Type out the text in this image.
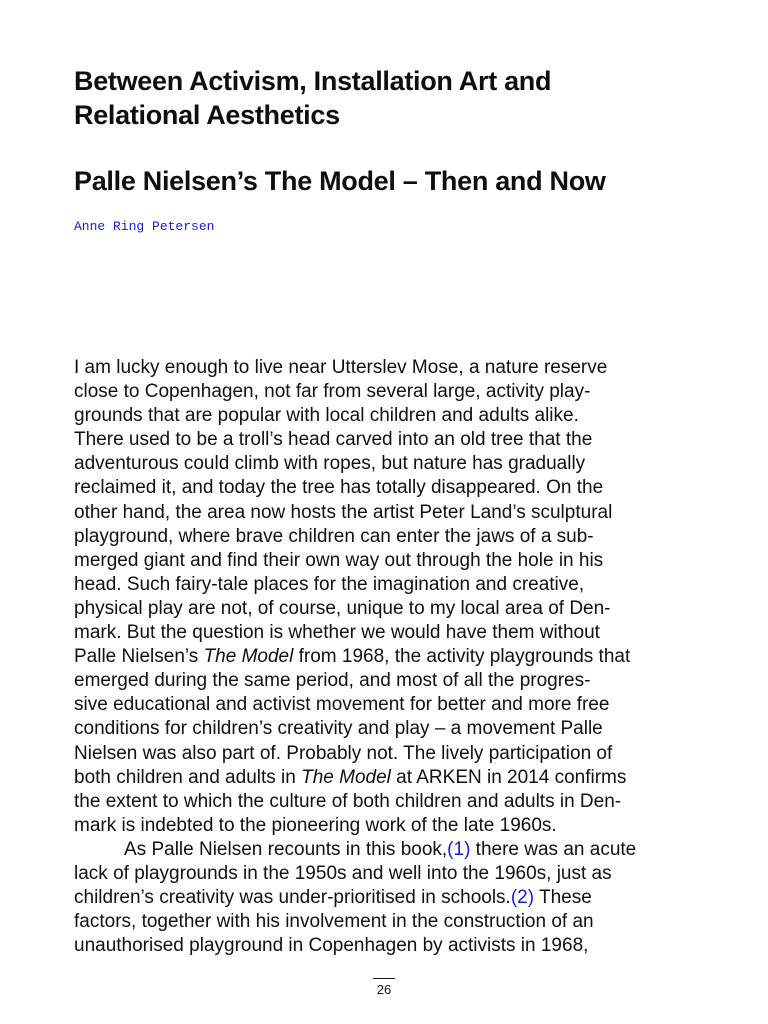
Between Activism, Installation Art and
Relational Aesthetics
Palle Nielsen’s The Model – Then and Now
Anne Ring Petersen
I am lucky enough to live near Utterslev Mose, a nature reserve
close to Copenhagen, not far from several large, activity play-
grounds that are popular with local children and adults alike.
There used to be a troll’s head carved into an old tree that the
adventurous could climb with ropes, but nature has gradually
reclaimed it, and today the tree has totally disappeared. On the
other hand, the area now hosts the artist Peter Land’s sculptural
playground, where brave children can enter the jaws of a sub-
merged giant and find their own way out through the hole in his
head. Such fairy-tale places for the imagination and creative,
physical play are not, of course, unique to my local area of Den-
mark. But the question is whether we would have them without
Palle Nielsen’s The Model from 1968, the activity playgrounds that
emerged during the same period, and most of all the progres-
sive educational and activist movement for better and more free
conditions for children’s creativity and play – a movement Palle
Nielsen was also part of. Probably not. The lively participation of
both children and adults in The Model at ARKEN in 2014 confirms
the extent to which the culture of both children and adults in Den-
mark is indebted to the pioneering work of the late 1960s.
As Palle Nielsen recounts in this book,(1) there was an acute
lack of playgrounds in the 1950s and well into the 1960s, just as
children’s creativity was under-prioritised in schools.(2) These
factors, together with his involvement in the construction of an
unauthorised playground in Copenhagen by activists in 1968,
26
